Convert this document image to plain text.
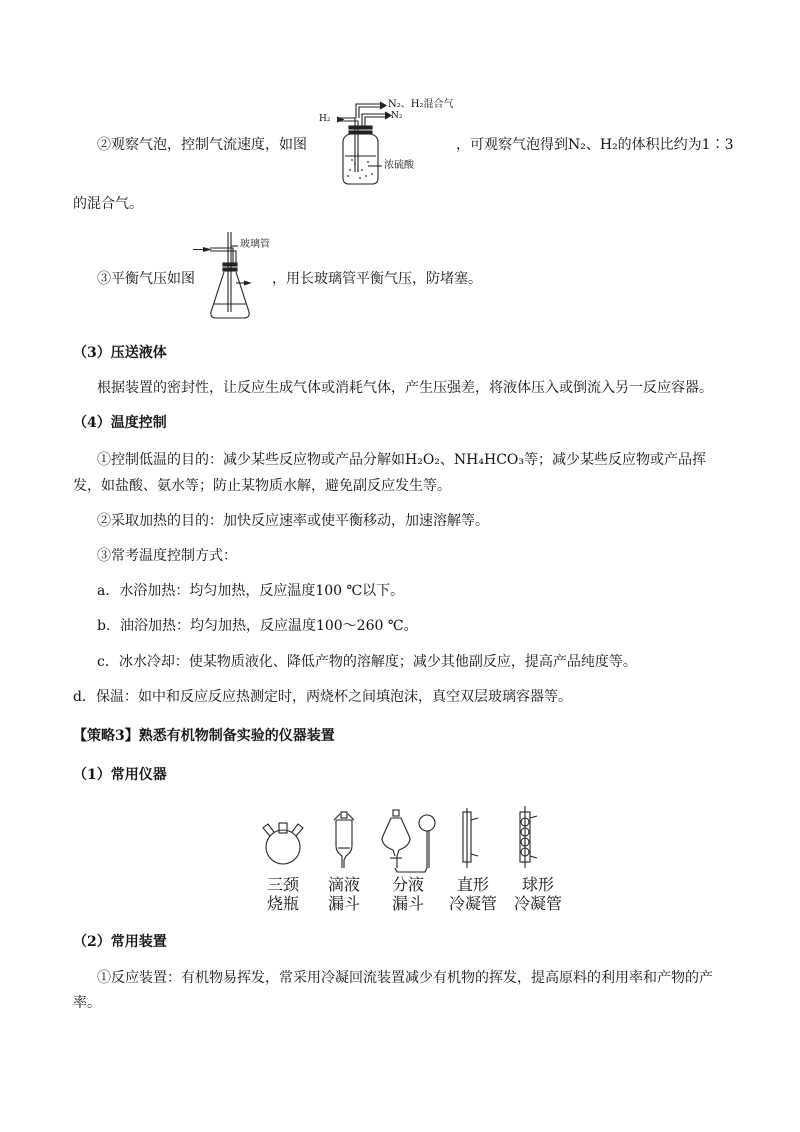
②观察气泡，控制气流速度，如图
N₂、H₂混合气
H₂	N₂
浓硫酸
，可观察气泡得到N₂、H₂的体积比约为1∶3
的混合气。
③平衡气压如图
玻璃管
，用长玻璃管平衡气压，防堵塞。
（3）压送液体
根据装置的密封性，让反应生成气体或消耗气体，产生压强差，将液体压入或倒流入另一反应容器。
（4）温度控制
①控制低温的目的：减少某些反应物或产品分解如H₂O₂、NH₄HCO₃等；减少某些反应物或产品挥
发，如盐酸、氨水等；防止某物质水解，避免副反应发生等。
②采取加热的目的：加快反应速率或使平衡移动，加速溶解等。
③常考温度控制方式：
a．水浴加热：均匀加热，反应温度100 ℃以下。
b．油浴加热：均匀加热，反应温度100～260 ℃。
c．冰水冷却：使某物质液化、降低产物的溶解度；减少其他副反应，提高产品纯度等。
d．保温：如中和反应反应热测定时，两烧杯之间填泡沫，真空双层玻璃容器等。
【策略3】熟悉有机物制备实验的仪器装置
（1）常用仪器
三颈
烧瓶
滴液
漏斗
分液
漏斗
直形
冷凝管
球形
冷凝管
（2）常用装置
①反应装置：有机物易挥发，常采用冷凝回流装置减少有机物的挥发，提高原料的利用率和产物的产
率。
